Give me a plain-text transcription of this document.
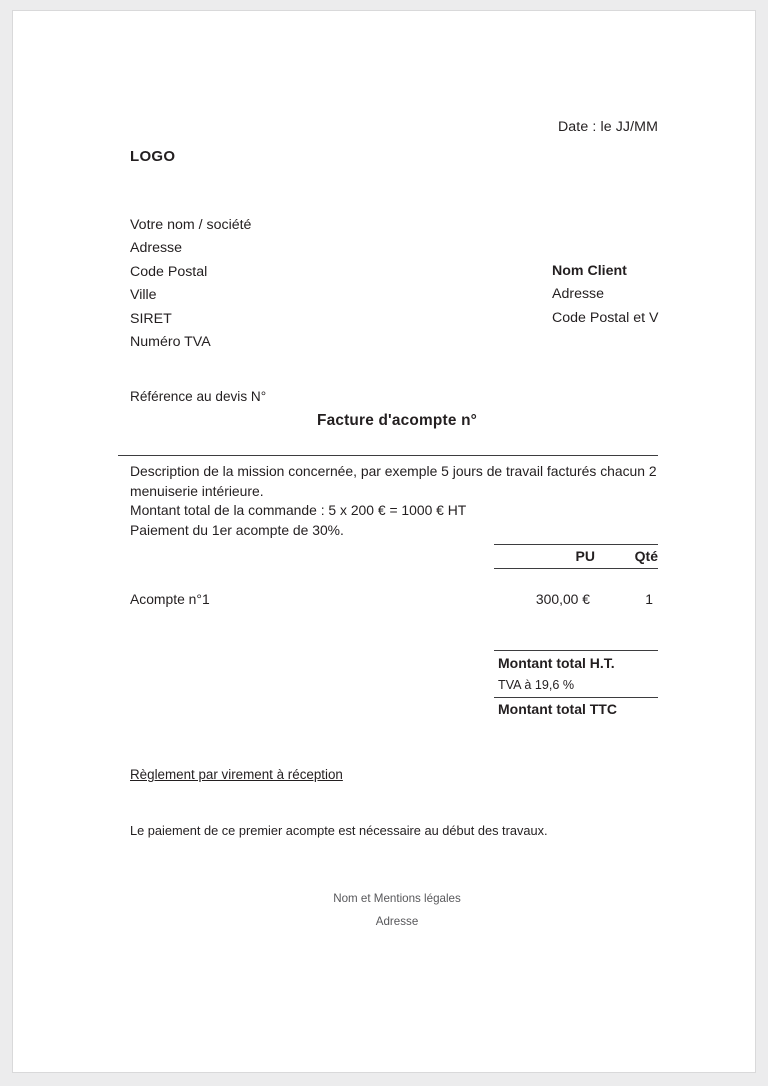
Date : le JJ/MM
LOGO
Votre nom / société
Adresse
Code Postal
Ville
SIRET
Numéro TVA
Nom Client
Adresse
Code Postal et V
Référence au devis N°
Facture d'acompte n°
Description de la mission concernée, par exemple 5 jours de travail facturés chacun 2
menuiserie intérieure.
Montant total de la commande : 5 x 200 € = 1000 € HT
Paiement du 1er acompte de 30%.
PU	Qté
Acompte n°1	300,00 €	1
Montant total H.T.
TVA à 19,6 %
Montant total TTC
Règlement par virement à réception
Le paiement de ce premier acompte est nécessaire au début des travaux.
Nom et Mentions légales
Adresse
